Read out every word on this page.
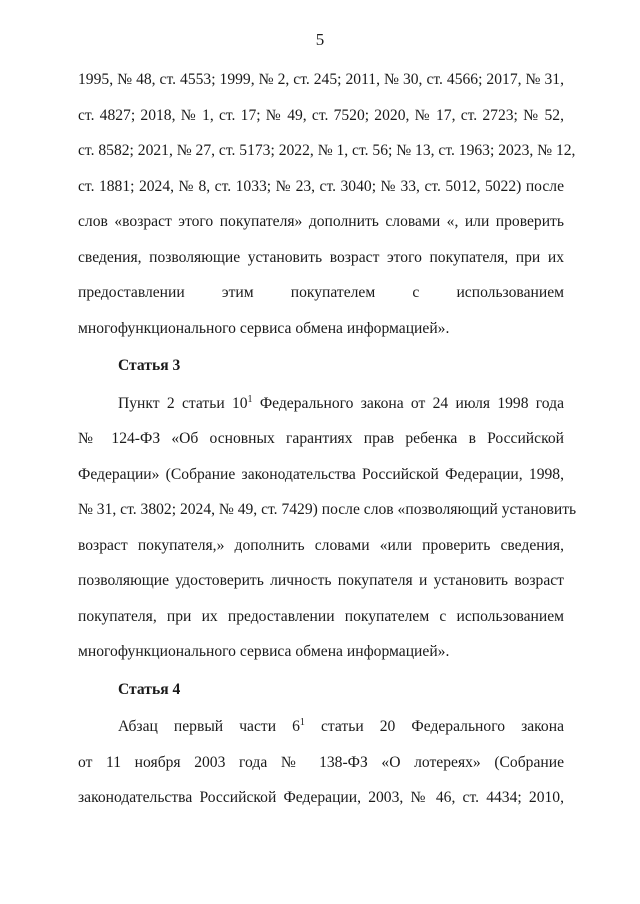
5

1995, № 48, ст. 4553; 1999, № 2, ст. 245; 2011, № 30, ст. 4566; 2017, № 31,
ст. 4827; 2018, № 1, ст. 17; № 49, ст. 7520; 2020, № 17, ст. 2723; № 52,
ст. 8582; 2021, № 27, ст. 5173; 2022, № 1, ст. 56; № 13, ст. 1963; 2023, № 12,
ст. 1881; 2024, № 8, ст. 1033; № 23, ст. 3040; № 33, ст. 5012, 5022) после
слов «возраст этого покупателя» дополнить словами «, или проверить
сведения, позволяющие установить возраст этого покупателя, при их
предоставлении этим покупателем с использованием
многофункционального сервиса обмена информацией».

Статья 3

Пункт 2 статьи $10^1$ Федерального закона от 24 июля 1998 года
№ 124-ФЗ «Об основных гарантиях прав ребенка в Российской
Федерации» (Собрание законодательства Российской Федерации, 1998,
№ 31, ст. 3802; 2024, № 49, ст. 7429) после слов «позволяющий установить
возраст покупателя,» дополнить словами «или проверить сведения,
позволяющие удостоверить личность покупателя и установить возраст
покупателя, при их предоставлении покупателем с использованием
многофункционального сервиса обмена информацией».

Статья 4

Абзац первый части $6^1$ статьи 20 Федерального закона
от 11 ноября 2003 года № 138-ФЗ «О лотереях» (Собрание
законодательства Российской Федерации, 2003, № 46, ст. 4434; 2010,
